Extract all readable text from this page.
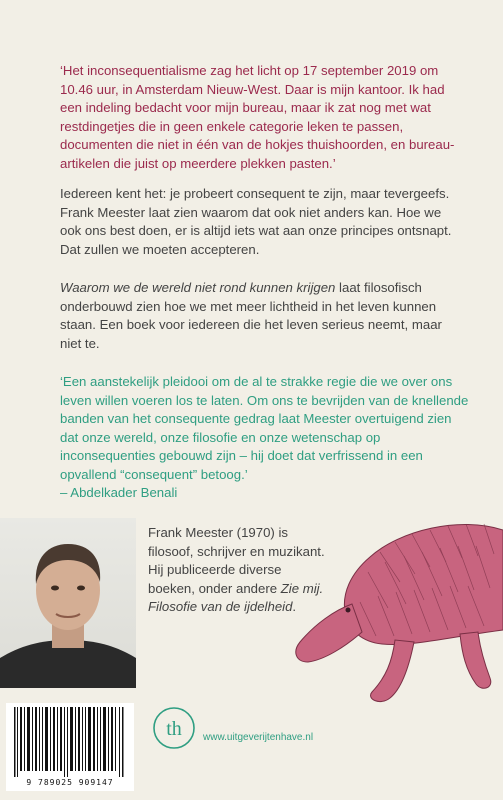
‘Het inconsequentialisme zag het licht op 17 september 2019 om 10.46 uur, in Amsterdam Nieuw-West. Daar is mijn kantoor. Ik had een indeling bedacht voor mijn bureau, maar ik zat nog met wat restdingetjes die in geen enkele categorie leken te passen, documenten die niet in één van de hokjes thuishoorden, en bureau-artikelen die juist op meerdere plekken pasten.’

Iedereen kent het: je probeert consequent te zijn, maar tevergeefs. Frank Meester laat zien waarom dat ook niet anders kan. Hoe we ook ons best doen, er is altijd iets wat aan onze principes ontsnapt. Dat zullen we moeten accepteren.

Waarom we de wereld niet rond kunnen krijgen laat filosofisch onderbouwd zien hoe we met meer lichtheid in het leven kunnen staan. Een boek voor iedereen die het leven serieus neemt, maar niet te.

‘Een aanstekelijk pleidooi om de al te strakke regie die we over ons leven willen voeren los te laten. Om ons te bevrijden van de knellende banden van het consequente gedrag laat Meester overtuigend zien dat onze wereld, onze filosofie en onze wetenschap op inconsequenties gebouwd zijn – hij doet dat verfrissend in een opvallend “consequent” betoog.’
– Abdelkader Benali

Frank Meester (1970) is filosoof, schrijver en muzikant. Hij publiceerde diverse boeken, onder andere Zie mij. Filosofie van de ijdelheid.

9 789025 909147
th www.uitgeverijtenhave.nl
